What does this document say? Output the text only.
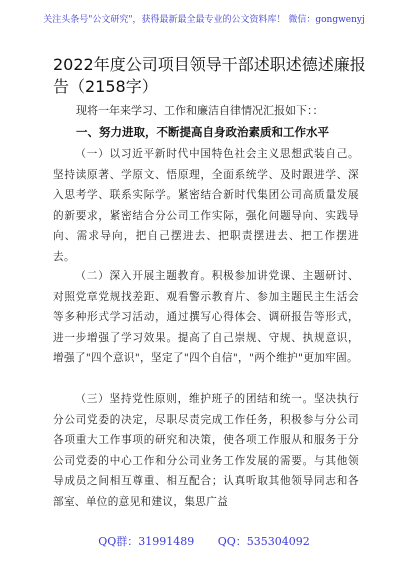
关注头条号"公文研究"，获得最新最全最专业的公文资料库！ 微信：gongwenyj
2022年度公司项目领导干部述职述德述廉报告（2158字）
现将一年来学习、工作和廉洁自律情况汇报如下：：
一、努力进取，不断提高自身政治素质和工作水平
（一）以习近平新时代中国特色社会主义思想武装自己。坚持读原著、学原文、悟原理，全面系统学、及时跟进学、深入思考学、联系实际学。紧密结合新时代集团公司高质量发展的新要求，紧密结合分公司工作实际，强化问题导向、实践导向、需求导向，把自己摆进去、把职责摆进去、把工作摆进去。
（二）深入开展主题教育。积极参加讲党课、主题研讨、对照党章党规找差距、观看警示教育片、参加主题民主生活会等多种形式学习活动，通过撰写心得体会、调研报告等形式，进一步增强了学习效果。提高了自己崇规、守规、执规意识，增强了"四个意识"，坚定了"四个自信"，"两个维护"更加牢固。
（三）坚持党性原则，维护班子的团结和统一。坚决执行分公司党委的决定，尽职尽责完成工作任务，积极参与分公司各项重大工作事项的研究和决策，使各项工作服从和服务于分公司党委的中心工作和分公司业务工作发展的需要。与其他领导成员之间相互尊重、相互配合；认真听取其他领导同志和各部室、单位的意见和建议，集思广益
QQ群：31991489 QQ：535304092
